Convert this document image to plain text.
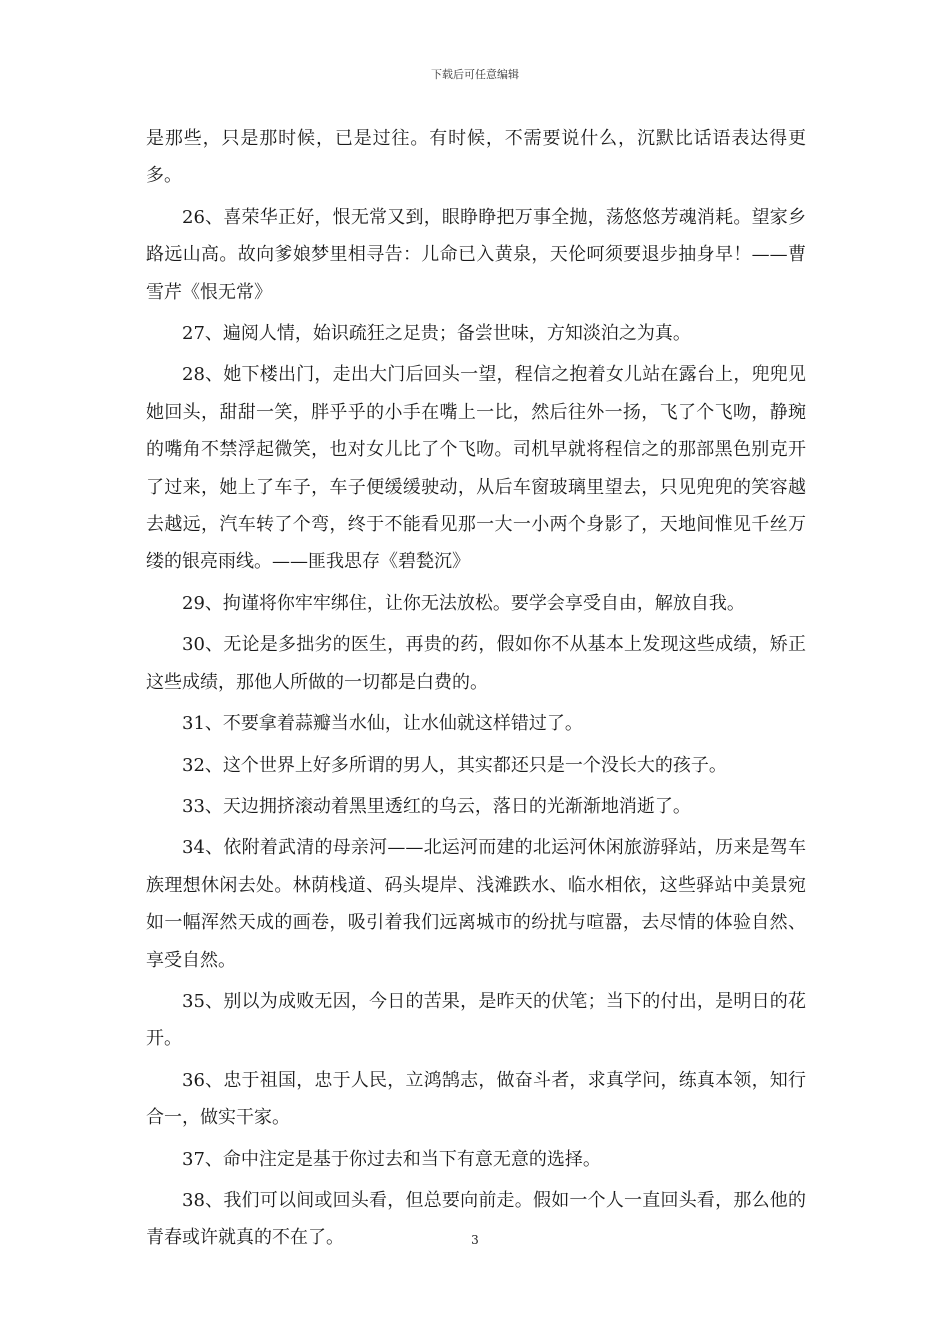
下载后可任意编辑

是那些，只是那时候，已是过往。有时候，不需要说什么，沉默比话语表达得更多。

26、喜荣华正好，恨无常又到，眼睁睁把万事全抛，荡悠悠芳魂消耗。望家乡路远山高。故向爹娘梦里相寻告：儿命已入黄泉，天伦呵须要退步抽身早！——曹雪芹《恨无常》

27、遍阅人情，始识疏狂之足贵；备尝世味，方知淡泊之为真。

28、她下楼出门，走出大门后回头一望，程信之抱着女儿站在露台上，兜兜见她回头，甜甜一笑，胖乎乎的小手在嘴上一比，然后往外一扬，飞了个飞吻，静琬的嘴角不禁浮起微笑，也对女儿比了个飞吻。司机早就将程信之的那部黑色别克开了过来，她上了车子，车子便缓缓驶动，从后车窗玻璃里望去，只见兜兜的笑容越去越远，汽车转了个弯，终于不能看见那一大一小两个身影了，天地间惟见千丝万缕的银亮雨线。——匪我思存《碧甃沉》

29、拘谨将你牢牢绑住，让你无法放松。要学会享受自由，解放自我。

30、无论是多拙劣的医生，再贵的药，假如你不从基本上发现这些成绩，矫正这些成绩，那他人所做的一切都是白费的。

31、不要拿着蒜瓣当水仙，让水仙就这样错过了。

32、这个世界上好多所谓的男人，其实都还只是一个没长大的孩子。

33、天边拥挤滚动着黑里透红的乌云，落日的光渐渐地消逝了。

34、依附着武清的母亲河——北运河而建的北运河休闲旅游驿站，历来是驾车族理想休闲去处。林荫栈道、码头堤岸、浅滩跌水、临水相依，这些驿站中美景宛如一幅浑然天成的画卷，吸引着我们远离城市的纷扰与喧嚣，去尽情的体验自然、享受自然。

35、别以为成败无因，今日的苦果，是昨天的伏笔；当下的付出，是明日的花开。

36、忠于祖国，忠于人民，立鸿鹄志，做奋斗者，求真学问，练真本领，知行合一，做实干家。

37、命中注定是基于你过去和当下有意无意的选择。

38、我们可以间或回头看，但总要向前走。假如一个人一直回头看，那么他的青春或许就真的不在了。	3
